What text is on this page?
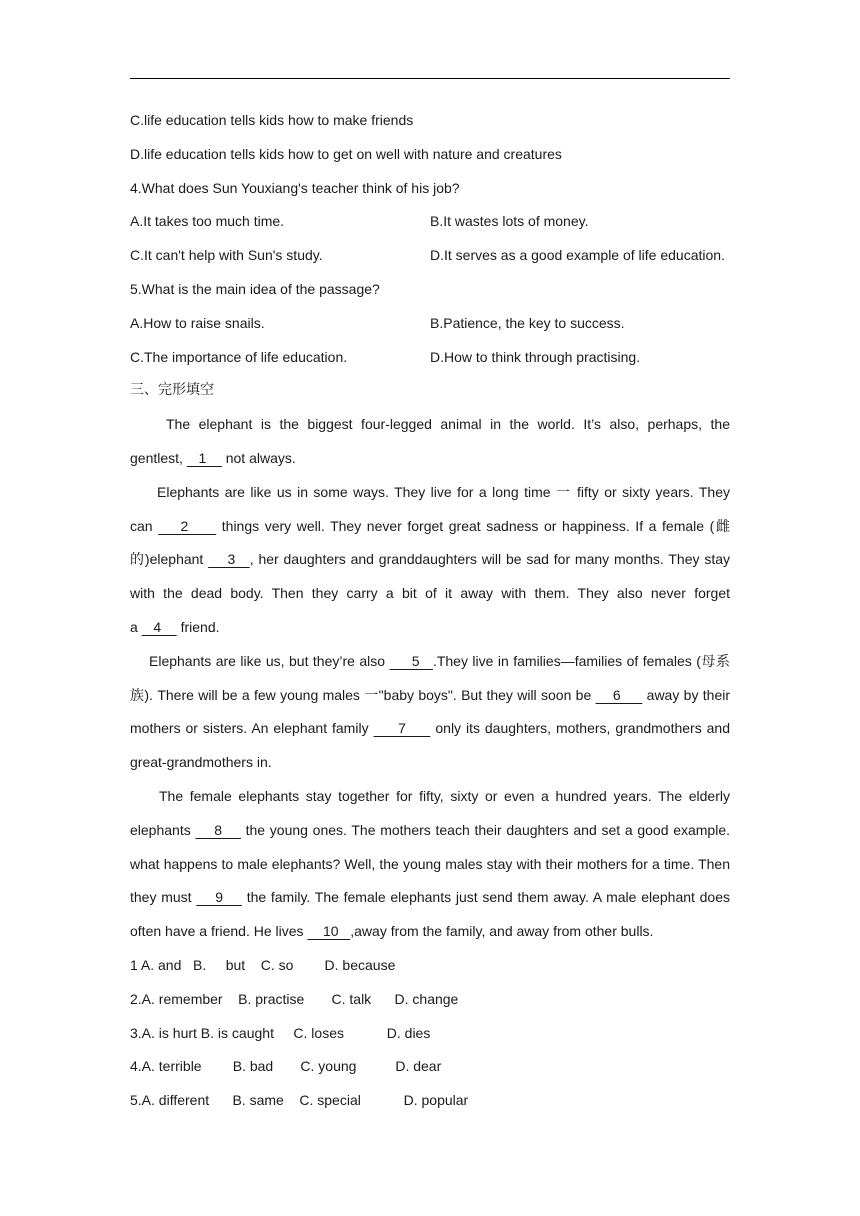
C.life education tells kids how to make friends
D.life education tells kids how to get on well with nature and creatures
4.What does Sun Youxiang's teacher think of his job?
A.It takes too much time.	B.It wastes lots of money.
C.It can't help with Sun's study.	D.It serves as a good example of life education.
5.What is the main idea of the passage?
A.How to raise snails.	B.Patience, the key to success.
C.The importance of life education.	D.How to think through practising.
三、完形填空
The elephant is the biggest four-legged animal in the world. It’s also, perhaps, the
gentlest,    1     not always.
Elephants are like us in some ways. They live for a long time 一 fifty or sixty years. They
can     2      things very well. They never forget great sadness or happiness. If a female (雌
的)elephant     3   , her daughters and granddaughters will be sad for many months. They stay
with the dead body. Then they carry a bit of it away with them. They also never forget
a    4     friend.
Elephants are like us, but they’re also      5   .They live in families—families of females (母系
族). There will be a few young males 一"baby boys". But they will soon be     6      away by their
mothers or sisters. An elephant family      7      only its daughters, mothers, grandmothers and
great-grandmothers in.
The female elephants stay together for fifty, sixty or even a hundred years. The elderly
elephants     8     the young ones. The mothers teach their daughters and set a good example.
what happens to male elephants? Well, the young males stay with their mothers for a time. Then
they must     9     the family. The female elephants just send them away. A male elephant does
often have a friend. He lives     10   ,away from the family, and away from other bulls.
1 A. and   B.     but    C. so        D. because
2.A. remember    B. practise       C. talk      D. change
3.A. is hurt B. is caught     C. loses           D. dies
4.A. terrible        B. bad       C. young          D. dear
5.A. different      B. same    C. special           D. popular
